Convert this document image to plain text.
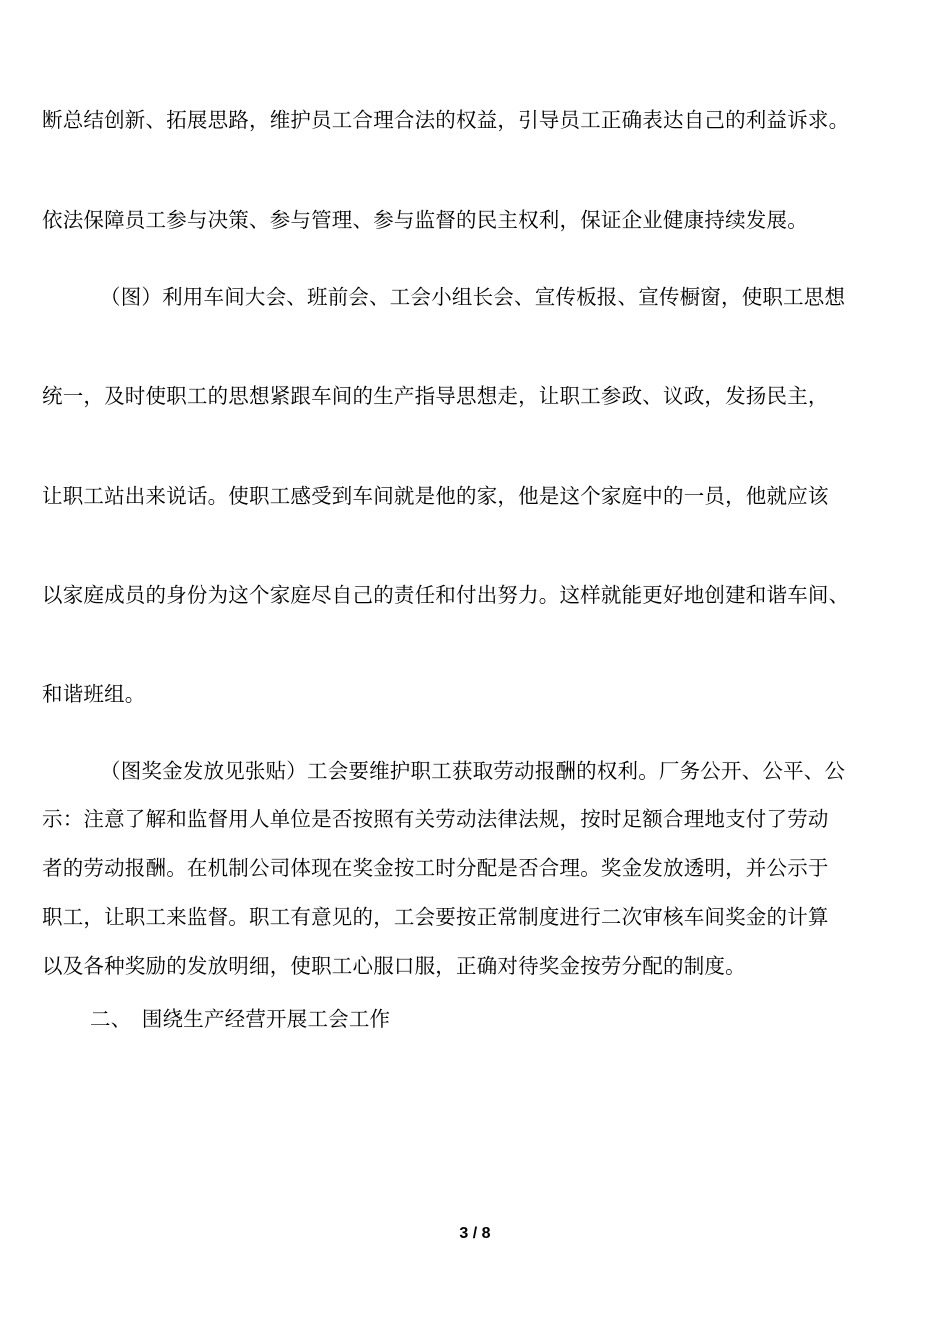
断总结创新、拓展思路，维护员工合理合法的权益，引导员工正确表达自己的利益诉求。
依法保障员工参与决策、参与管理、参与监督的民主权利，保证企业健康持续发展。
（图）利用车间大会、班前会、工会小组长会、宣传板报、宣传橱窗，使职工思想
统一，及时使职工的思想紧跟车间的生产指导思想走，让职工参政、议政，发扬民主，
让职工站出来说话。使职工感受到车间就是他的家，他是这个家庭中的一员，他就应该
以家庭成员的身份为这个家庭尽自己的责任和付出努力。这样就能更好地创建和谐车间、
和谐班组。
（图奖金发放见张贴）工会要维护职工获取劳动报酬的权利。厂务公开、公平、公
示：注意了解和监督用人单位是否按照有关劳动法律法规，按时足额合理地支付了劳动
者的劳动报酬。在机制公司体现在奖金按工时分配是否合理。奖金发放透明，并公示于
职工，让职工来监督。职工有意见的，工会要按正常制度进行二次审核车间奖金的计算
以及各种奖励的发放明细，使职工心服口服，正确对待奖金按劳分配的制度。
二、　围绕生产经营开展工会工作
3 / 8
